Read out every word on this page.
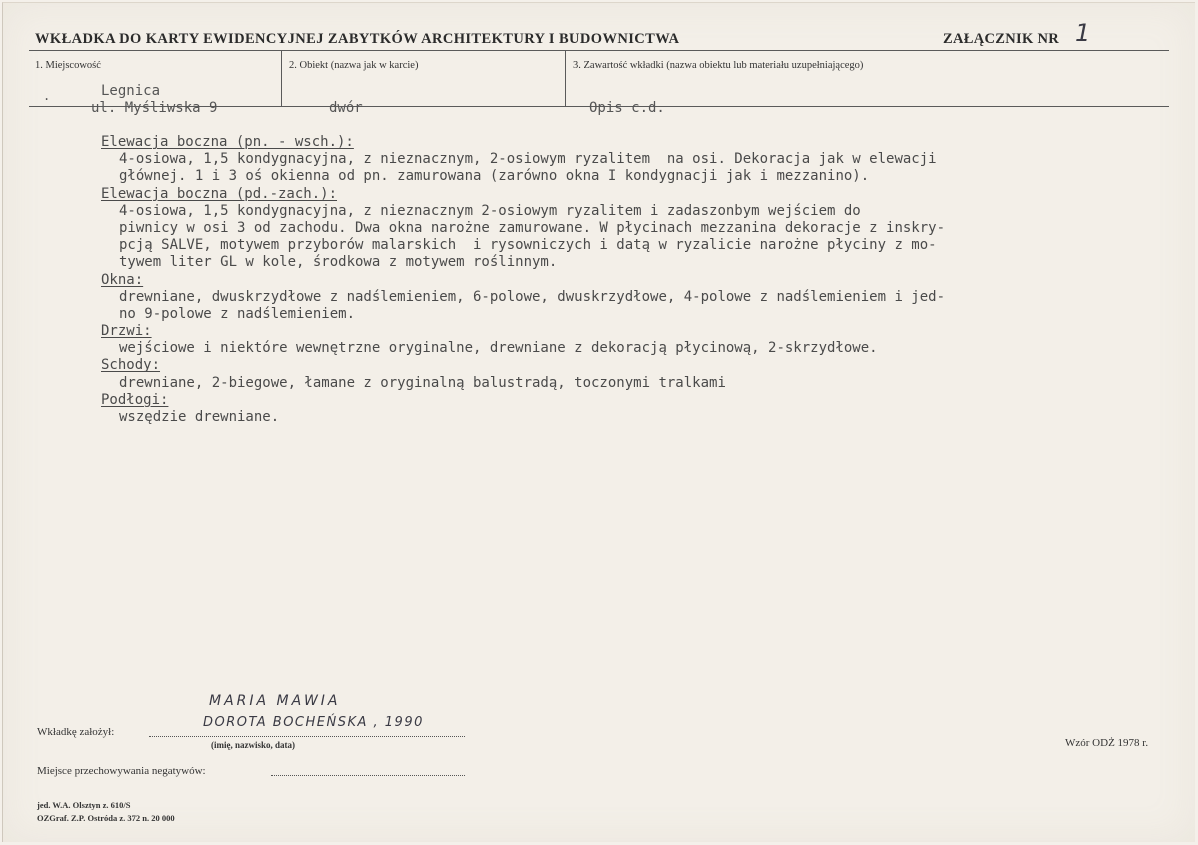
WKŁADKA DO KARTY EWIDENCYJNEJ ZABYTKÓW ARCHITEKTURY I BUDOWNICTWA	ZAŁĄCZNIK NR 1
1. Miejscowość	2. Obiekt (nazwa jak w karcie)	3. Zawartość wkładki (nazwa obiektu lub materiału uzupełniającego)
.	Legnica
ul. Myśliwska 9	dwór	Opis c.d.
Elewacja boczna (pn. - wsch.):
4-osiowa, 1,5 kondygnacyjna, z nieznacznym, 2-osiowym ryzalitem  na osi. Dekoracja jak w elewacji
głównej. 1 i 3 oś okienna od pn. zamurowana (zarówno okna I kondygnacji jak i mezzanino).
Elewacja boczna (pd.-zach.):
4-osiowa, 1,5 kondygnacyjna, z nieznacznym 2-osiowym ryzalitem i zadaszonbym wejściem do
piwnicy w osi 3 od zachodu. Dwa okna narożne zamurowane. W płycinach mezzanina dekoracje z inskry-
pcją SALVE, motywem przyborów malarskich  i rysowniczych i datą w ryzalicie narożne płyciny z mo-
tywem liter GL w kole, środkowa z motywem roślinnym.
Okna:
drewniane, dwuskrzydłowe z nadślemieniem, 6-polowe, dwuskrzydłowe, 4-polowe z nadślemieniem i jed-
no 9-polowe z nadślemieniem.
Drzwi:
wejściowe i niektóre wewnętrzne oryginalne, drewniane z dekoracją płycinową, 2-skrzydłowe.
Schody:
drewniane, 2-biegowe, łamane z oryginalną balustradą, toczonymi tralkami
Podłogi:
wszędzie drewniane.
MARIA MAWIA
DOROTA BOCHEŃSKA , 1990
Wkładkę założył:
(imię, nazwisko, data)	Wzór ODŻ 1978 r.
Miejsce przechowywania negatywów:
jed. W.A. Olsztyn z. 610/S
OZGraf. Z.P. Ostróda z. 372 n. 20 000
